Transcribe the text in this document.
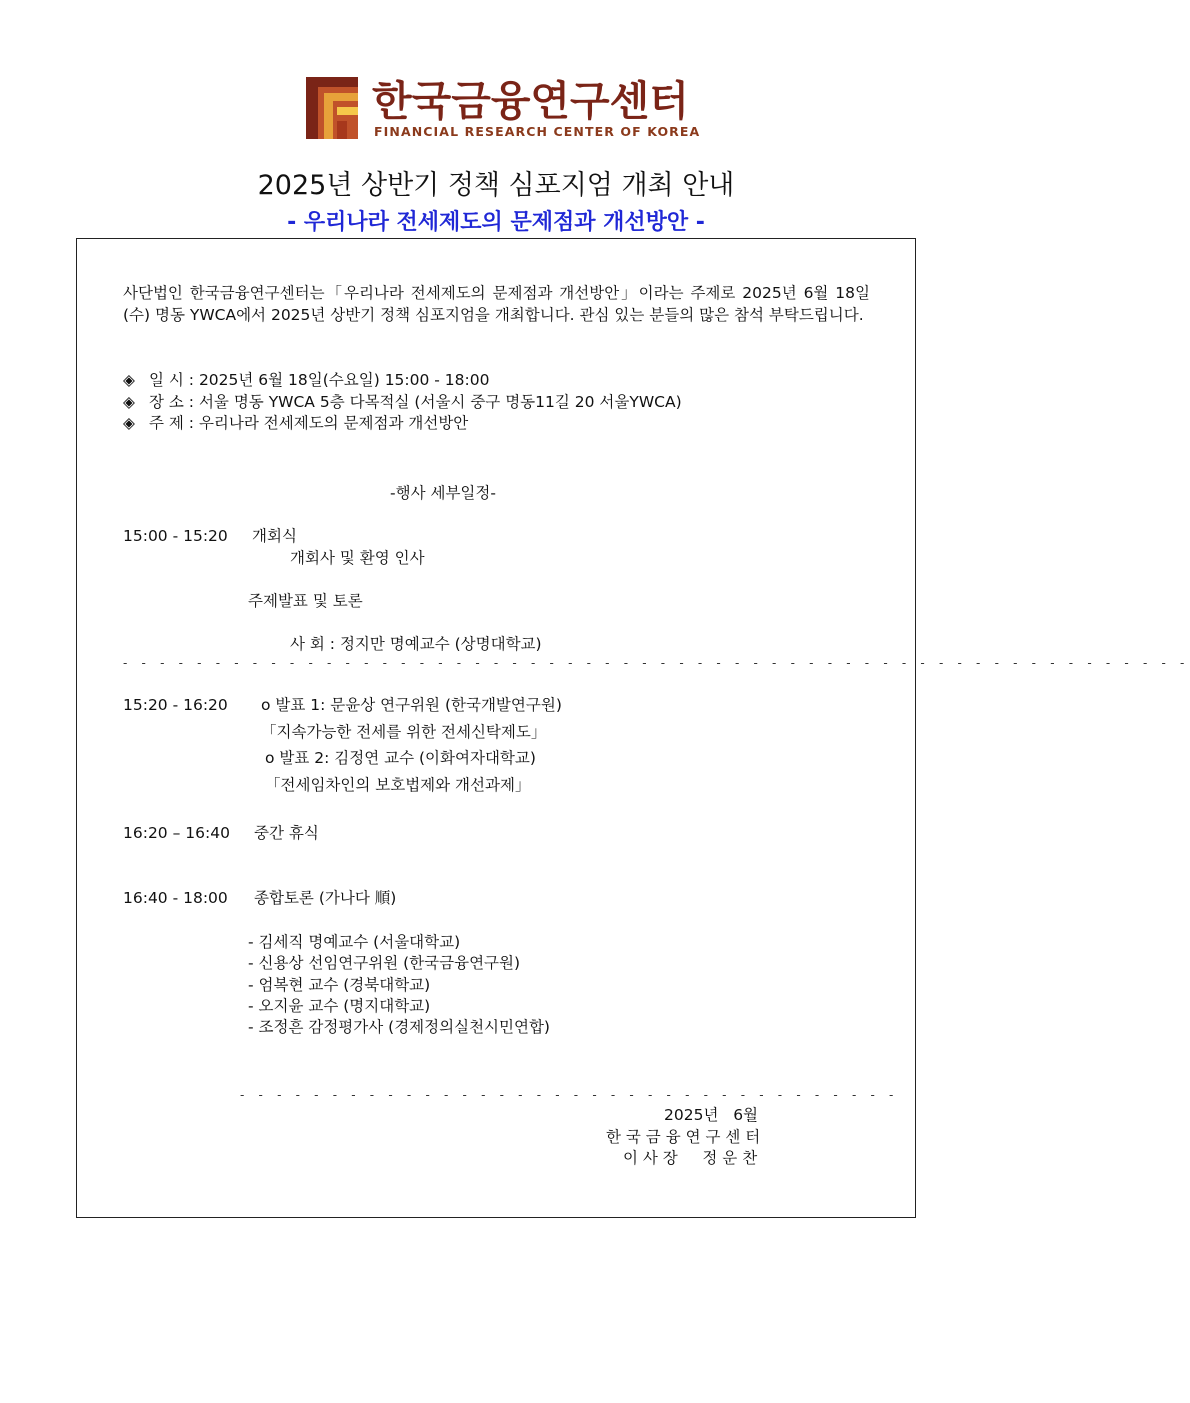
한국금융연구센터
FINANCIAL RESEARCH CENTER OF KOREA
2025년 상반기 정책 심포지엄 개최 안내
- 우리나라 전세제도의 문제점과 개선방안 -
사단법인 한국금융연구센터는「우리나라 전세제도의 문제점과 개선방안」이라는 주제로 2025년 6월 18일(수) 명동 YWCA에서 2025년 상반기 정책 심포지엄을 개최합니다. 관심 있는 분들의 많은 참석 부탁드립니다.
◈ 일 시 : 2025년 6월 18일(수요일) 15:00 - 18:00
◈ 장 소 : 서울 명동 YWCA 5층 다목적실 (서울시 중구 명동11길 20 서울YWCA)
◈ 주 제 : 우리나라 전세제도의 문제점과 개선방안
-행사 세부일정-
15:00 - 15:20 개회식
개회사 및 환영 인사
주제발표 및 토론
사 회 : 정지만 명예교수 (상명대학교)
- - - - - - - - - - - - - - - - - - - - - - - - - - - - - - - - - - - - - - - - - - - - - - - - - - - - - - - - - -
15:20 - 16:20 o 발표 1: 문윤상 연구위원 (한국개발연구원)
「지속가능한 전세를 위한 전세신탁제도」
o 발표 2: 김정연 교수 (이화여자대학교)
「전세임차인의 보호법제와 개선과제」
16:20 – 16:40 중간 휴식
16:40 - 18:00 종합토론 (가나다 順)
- 김세직 명예교수 (서울대학교)
- 신용상 선임연구위원 (한국금융연구원)
- 엄복현 교수 (경북대학교)
- 오지윤 교수 (명지대학교)
- 조정흔 감정평가사 (경제정의실천시민연합)
- - - - - - - - - - - - - - - - - - - - - - - - - - - - - - - - - - - -
2025년   6월
한 국 금 융 연 구 센 터
이 사 장     정 운 찬
